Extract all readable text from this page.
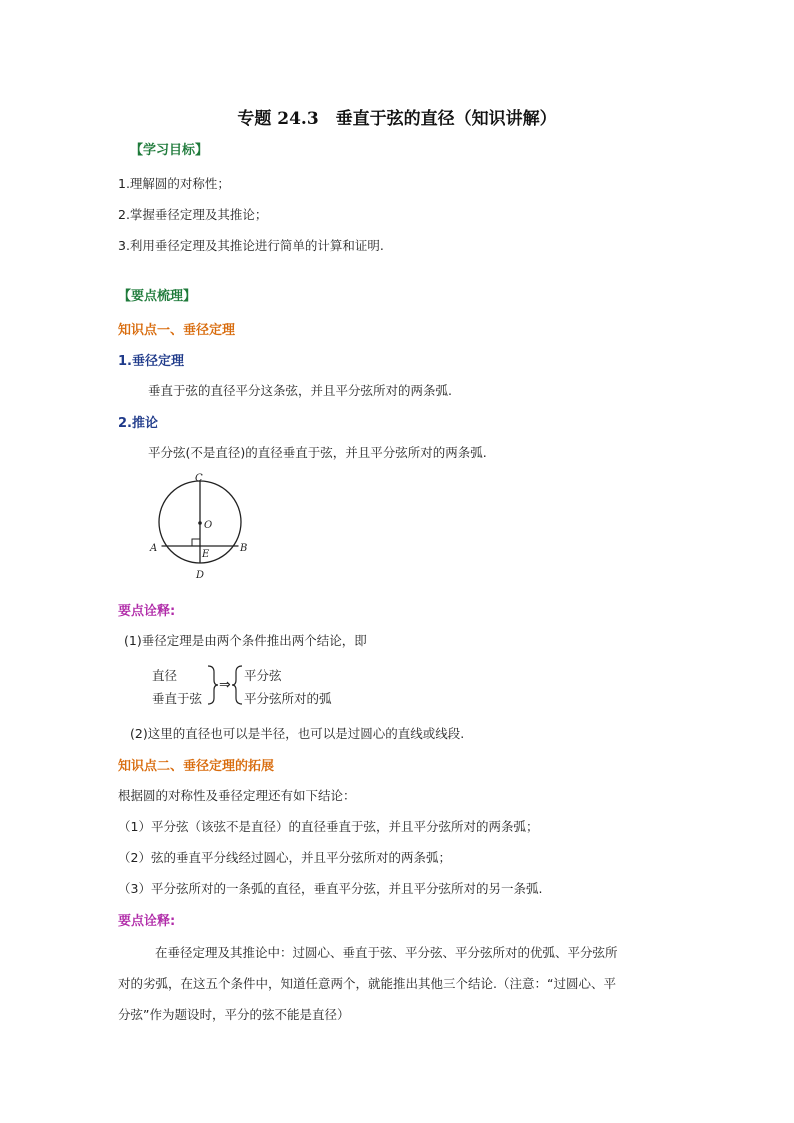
专题 24.3　垂直于弦的直径（知识讲解）
【学习目标】
1.理解圆的对称性；
2.掌握垂径定理及其推论；
3.利用垂径定理及其推论进行简单的计算和证明.
【要点梳理】
知识点一、垂径定理
1.垂径定理
垂直于弦的直径平分这条弦，并且平分弦所对的两条弧.
2.推论
平分弦(不是直径)的直径垂直于弦，并且平分弦所对的两条弧.
C
O
A	B
E
D
要点诠释:
(1)垂径定理是由两个条件推出两个结论，即
直径
垂直于弦
⇒
平分弦
平分弦所对的弧
(2)这里的直径也可以是半径，也可以是过圆心的直线或线段.
知识点二、垂径定理的拓展
根据圆的对称性及垂径定理还有如下结论：
（1）平分弦（该弦不是直径）的直径垂直于弦，并且平分弦所对的两条弧；
（2）弦的垂直平分线经过圆心，并且平分弦所对的两条弧；
（3）平分弦所对的一条弧的直径，垂直平分弦，并且平分弦所对的另一条弧.
要点诠释:
在垂径定理及其推论中：过圆心、垂直于弦、平分弦、平分弦所对的优弧、平分弦所
对的劣弧，在这五个条件中，知道任意两个，就能推出其他三个结论.（注意：“过圆心、平
分弦”作为题设时，平分的弦不能是直径）
